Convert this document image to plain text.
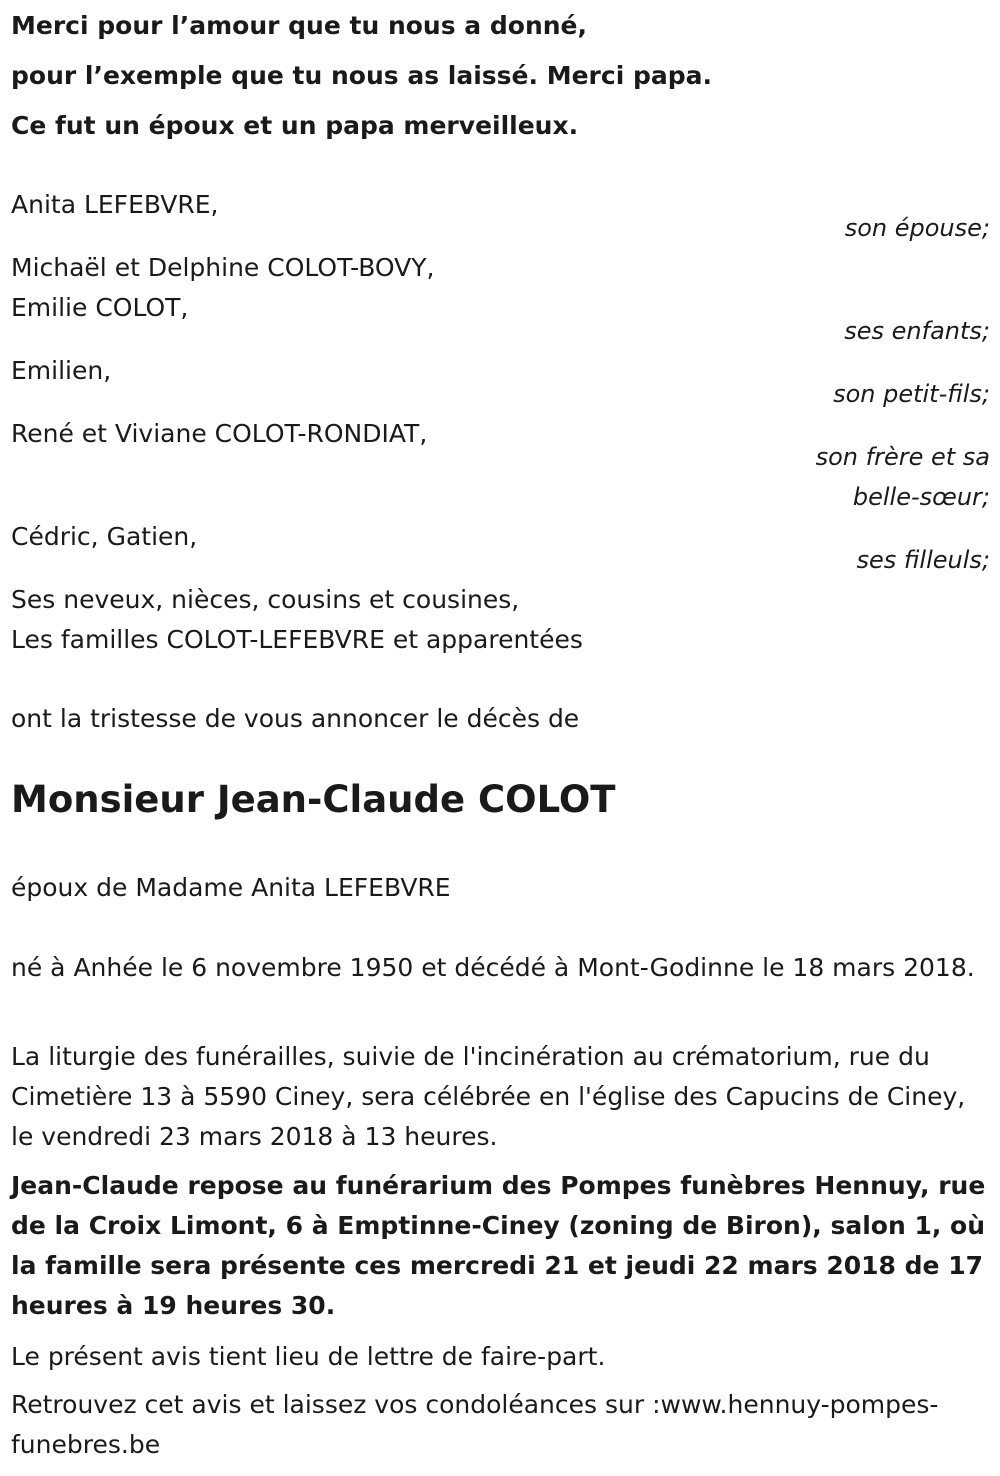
Merci pour l’amour que tu nous a donné,
pour l’exemple que tu nous as laissé. Merci papa.
Ce fut un époux et un papa merveilleux.
Anita LEFEBVRE,
son épouse;
Michaël et Delphine COLOT-BOVY,
Emilie COLOT,
ses enfants;
Emilien,
son petit-fils;
René et Viviane COLOT-RONDIAT,
son frère et sa
belle-sœur;
Cédric, Gatien,
ses filleuls;
Ses neveux, nièces, cousins et cousines,
Les familles COLOT-LEFEBVRE et apparentées
ont la tristesse de vous annoncer le décès de
Monsieur Jean-Claude COLOT
époux de Madame Anita LEFEBVRE
né à Anhée le 6 novembre 1950 et décédé à Mont-Godinne le 18 mars 2018.
La liturgie des funérailles, suivie de l'incinération au crématorium, rue du Cimetière 13 à 5590 Ciney, sera célébrée en l'église des Capucins de Ciney, le vendredi 23 mars 2018 à 13 heures.
Jean-Claude repose au funérarium des Pompes funèbres Hennuy, rue de la Croix Limont, 6 à Emptinne-Ciney (zoning de Biron), salon 1, où la famille sera présente ces mercredi 21 et jeudi 22 mars 2018 de 17 heures à 19 heures 30.
Le présent avis tient lieu de lettre de faire-part.
Retrouvez cet avis et laissez vos condoléances sur :www.hennuy-pompes-funebres.be
